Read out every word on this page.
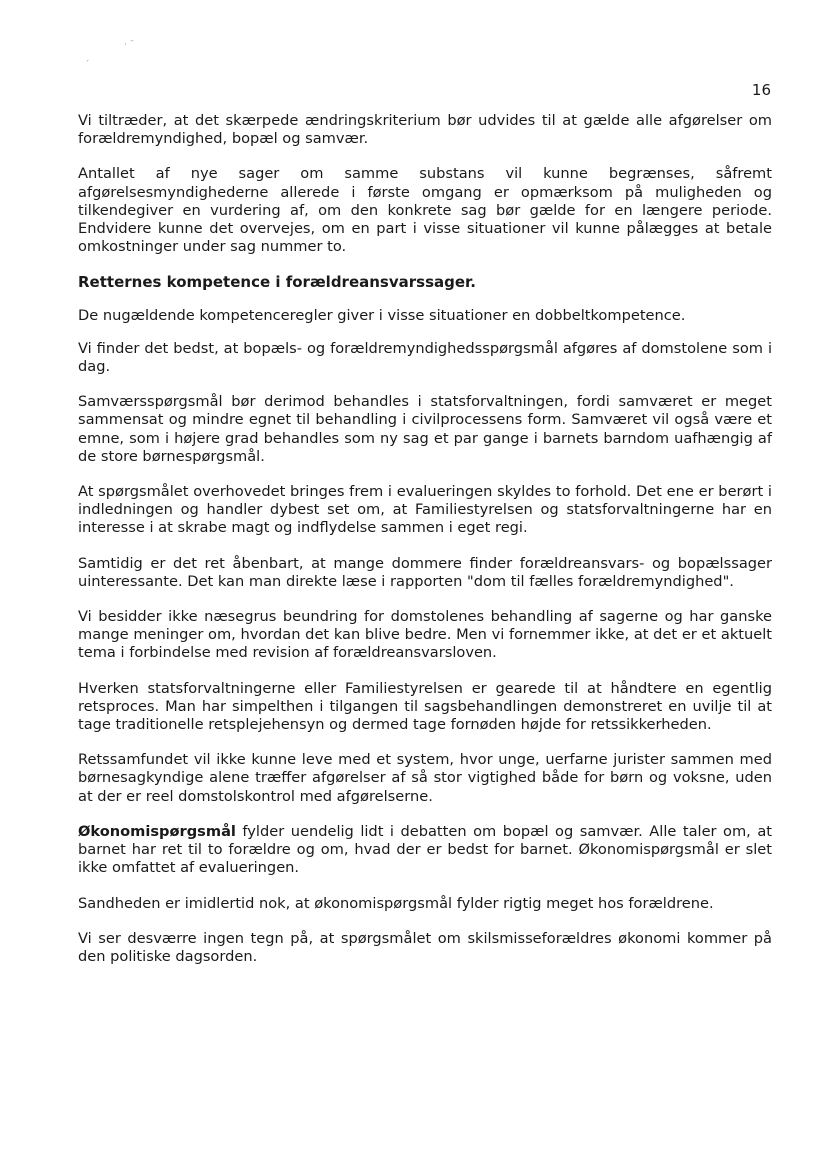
· ˉ
ˊ
16

Vi tiltræder, at det skærpede ændringskriterium bør udvides til at gælde alle afgørelser om forældremyndighed, bopæl og samvær.

Antallet af nye sager om samme substans vil kunne begrænses, såfremt afgørelsesmyndighederne allerede i første omgang er opmærksom på muligheden og tilkendegiver en vurdering af, om den konkrete sag bør gælde for en længere periode. Endvidere kunne det overvejes, om en part i visse situationer vil kunne pålægges at betale omkostninger under sag nummer to.

Retternes kompetence i forældreansvarssager.

De nugældende kompetenceregler giver i visse situationer en dobbeltkompetence.

Vi finder det bedst, at bopæls- og forældremyndighedsspørgsmål afgøres af domstolene som i dag.

Samværsspørgsmål bør derimod behandles i statsforvaltningen, fordi samværet er meget sammensat og mindre egnet til behandling i civilprocessens form. Samværet vil også være et emne, som i højere grad behandles som ny sag et par gange i barnets barndom uafhængig af de store børnespørgsmål.

At spørgsmålet overhovedet bringes frem i evalueringen skyldes to forhold. Det ene er berørt i indledningen og handler dybest set om, at Familiestyrelsen og statsforvaltningerne har en interesse i at skrabe magt og indflydelse sammen i eget regi.

Samtidig er det ret åbenbart, at mange dommere finder forældreansvars- og bopælssager uinteressante. Det kan man direkte læse i rapporten "dom til fælles forældremyndighed".

Vi besidder ikke næsegrus beundring for domstolenes behandling af sagerne og har ganske mange meninger om, hvordan det kan blive bedre. Men vi fornemmer ikke, at det er et aktuelt tema i forbindelse med revision af forældreansvarsloven.

Hverken statsforvaltningerne eller Familiestyrelsen er gearede til at håndtere en egentlig retsproces. Man har simpelthen i tilgangen til sagsbehandlingen demonstreret en uvilje til at tage traditionelle retsplejehensyn og dermed tage fornøden højde for retssikkerheden.

Retssamfundet vil ikke kunne leve med et system, hvor unge, uerfarne jurister sammen med børnesagkyndige alene træffer afgørelser af så stor vigtighed både for børn og voksne, uden at der er reel domstolskontrol med afgørelserne.

Økonomispørgsmål fylder uendelig lidt i debatten om bopæl og samvær. Alle taler om, at barnet har ret til to forældre og om, hvad der er bedst for barnet. Økonomispørgsmål er slet ikke omfattet af evalueringen.

Sandheden er imidlertid nok, at økonomispørgsmål fylder rigtig meget hos forældrene.

Vi ser desværre ingen tegn på, at spørgsmålet om skilsmisseforældres økonomi kommer på den politiske dagsorden.
